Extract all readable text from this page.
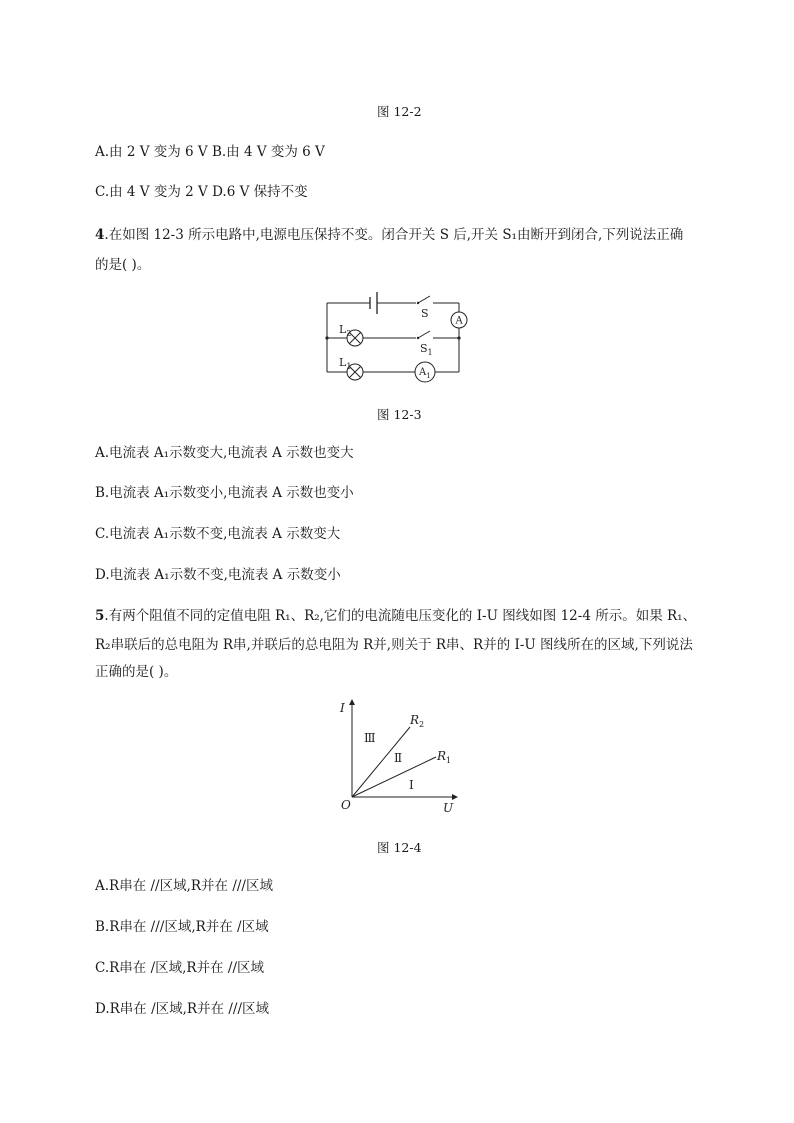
图 12-2
A.由 2 V 变为 6 V B.由 4 V 变为 6 V
C.由 4 V 变为 2 V D.6 V 保持不变
4.在如图 12-3 所示电路中,电源电压保持不变。闭合开关 S 后,开关 S₁由断开到闭合,下列说法正确
的是( )。
S
$S_1$
$L_2$
$L_1$
A
$A_1$
图 12-3
A.电流表 A₁示数变大,电流表 A 示数也变大
B.电流表 A₁示数变小,电流表 A 示数也变小
C.电流表 A₁示数不变,电流表 A 示数变大
D.电流表 A₁示数不变,电流表 A 示数变小
5.有两个阻值不同的定值电阻 R₁、R₂,它们的电流随电压变化的 I-U 图线如图 12-4 所示。如果 R₁、
R₂串联后的总电阻为 R串,并联后的总电阻为 R并,则关于 R串、R并的 I-U 图线所在的区域,下列说法
正确的是( )。
I
U
O
$R_2$
$R_1$
Ⅲ
Ⅱ
Ⅰ
图 12-4
A.R串在 //区域,R并在 ///区域
B.R串在 ///区域,R并在 /区域
C.R串在 /区域,R并在 //区域
D.R串在 /区域,R并在 ///区域
